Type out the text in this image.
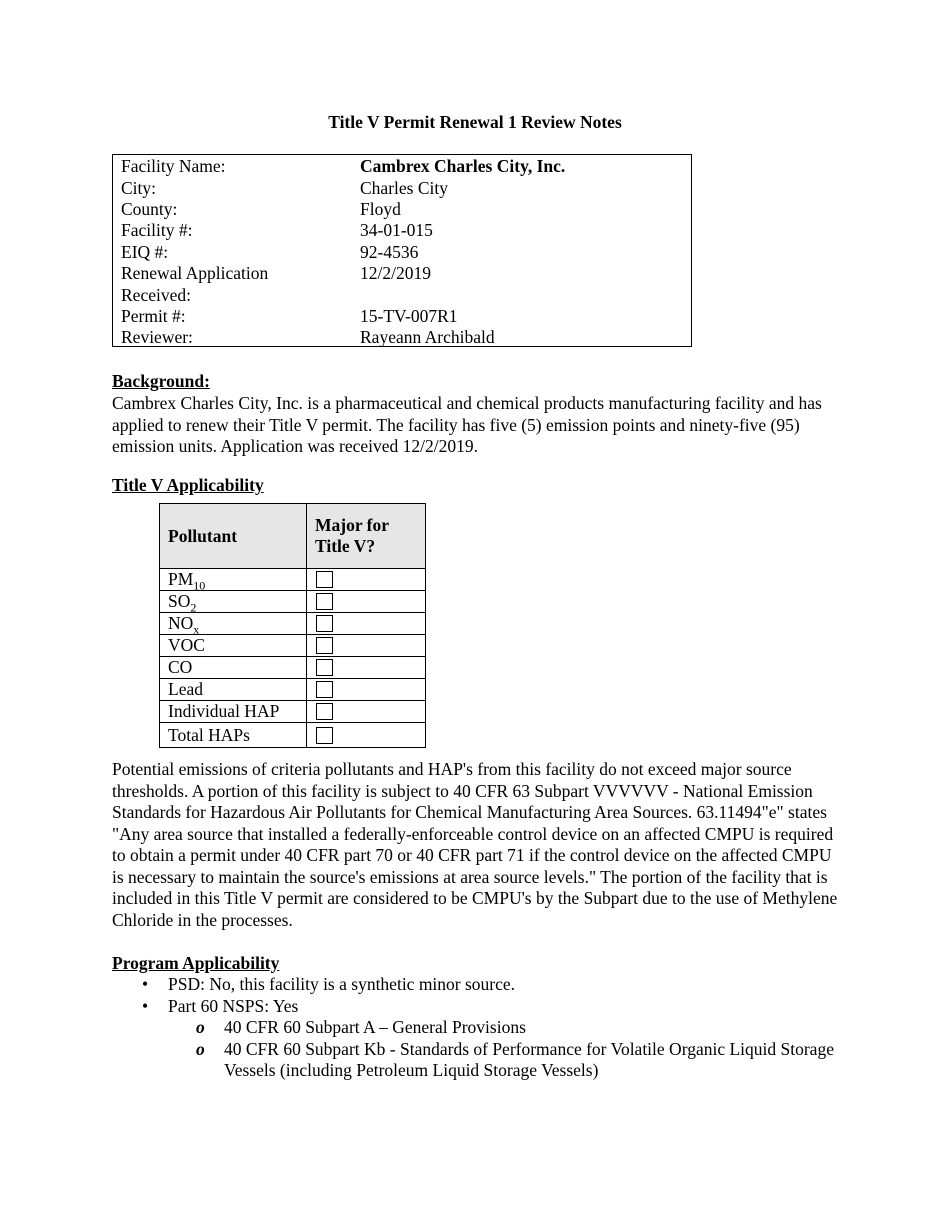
Title V Permit Renewal 1 Review Notes
Facility Name:	Cambrex Charles City, Inc.
City:	Charles City
County:	Floyd
Facility #:	34-01-015
EIQ #:	92-4536
Renewal Application Received:
12/2/2019
Permit #:	15-TV-007R1
Reviewer:	Rayeann Archibald
Background:
Cambrex Charles City, Inc. is a pharmaceutical and chemical products manufacturing facility and has applied to renew their Title V permit. The facility has five (5) emission points and ninety-five (95) emission units. Application was received 12/2/2019.
Title V Applicability
Pollutant	Major for Title V?
$PM_{10}$	
$SO_2$	
$NO_x$	
VOC	
CO	
Lead	
Individual HAP	
Total HAPs	
Potential emissions of criteria pollutants and HAP's from this facility do not exceed major source thresholds. A portion of this facility is subject to 40 CFR 63 Subpart VVVVVV - National Emission Standards for Hazardous Air Pollutants for Chemical Manufacturing Area Sources. 63.11494"e" states "Any area source that installed a federally-enforceable control device on an affected CMPU is required to obtain a permit under 40 CFR part 70 or 40 CFR part 71 if the control device on the affected CMPU is necessary to maintain the source's emissions at area source levels." The portion of the facility that is included in this Title V permit are considered to be CMPU's by the Subpart due to the use of Methylene Chloride in the processes.
Program Applicability
• PSD: No, this facility is a synthetic minor source.
• Part 60 NSPS: Yes
o 40 CFR 60 Subpart A – General Provisions
o 40 CFR 60 Subpart Kb - Standards of Performance for Volatile Organic Liquid Storage Vessels (including Petroleum Liquid Storage Vessels)
